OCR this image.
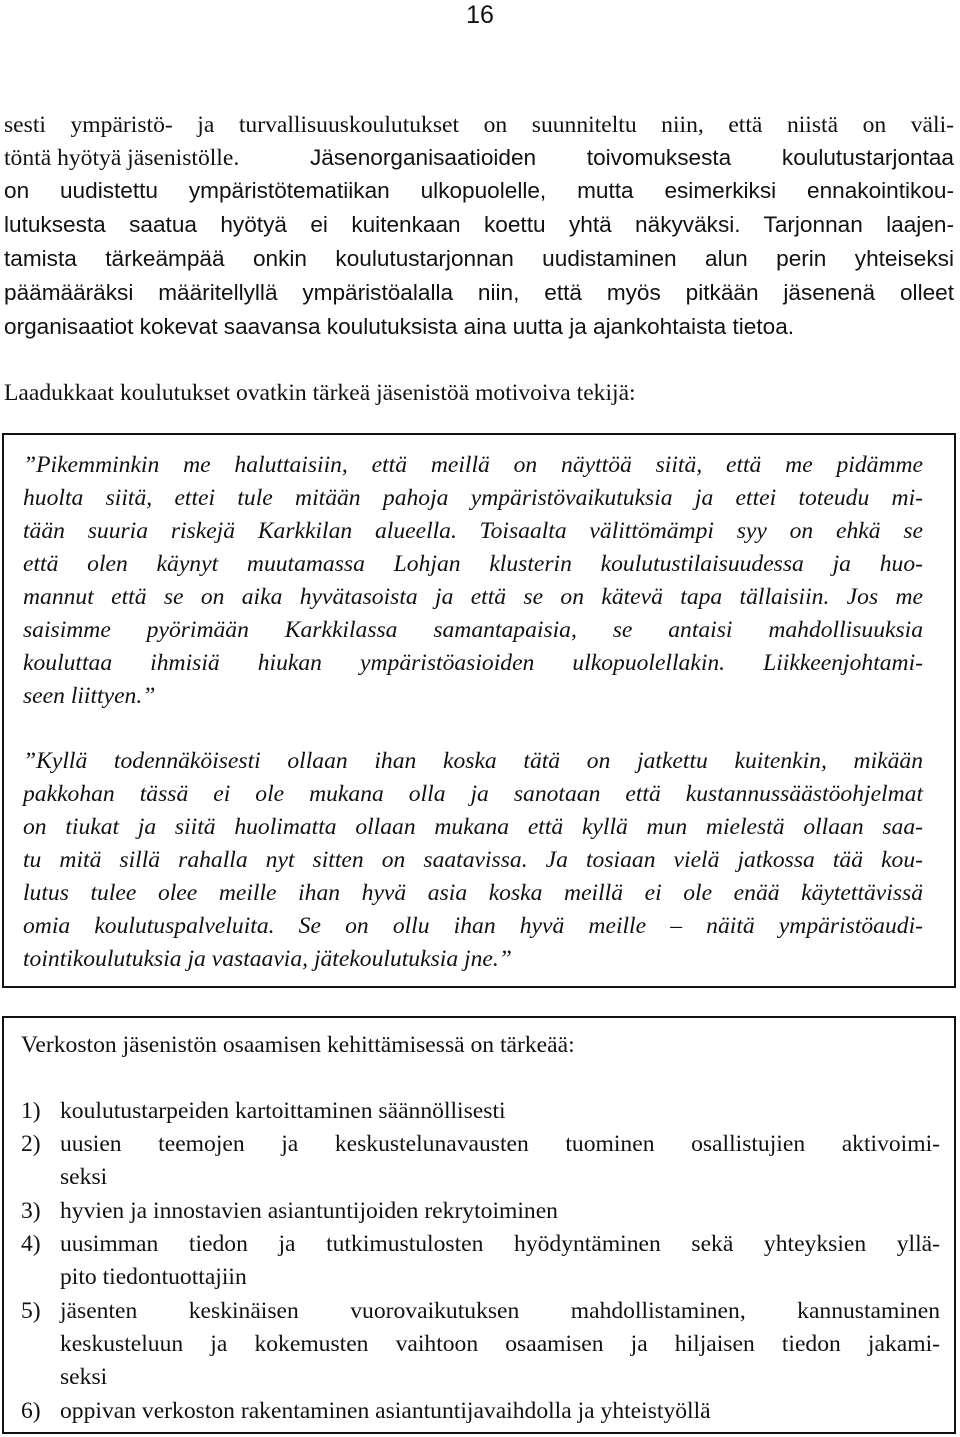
16
sesti ympäristö- ja turvallisuuskoulutukset on suunniteltu niin, että niistä on väli-
töntä hyötyä jäsenistölle.	Jäsenorganisaatioiden toivomuksesta koulutustarjontaa
on uudistettu ympäristötematiikan ulkopuolelle, mutta esimerkiksi ennakointikou-
lutuksesta saatua hyötyä ei kuitenkaan koettu yhtä näkyväksi. Tarjonnan laajen-
tamista tärkeämpää onkin koulutustarjonnan uudistaminen alun perin yhteiseksi
päämääräksi määritellyllä ympäristöalalla niin, että myös pitkään jäsenenä olleet
organisaatiot kokevat saavansa koulutuksista aina uutta ja ajankohtaista tietoa.
Laadukkaat koulutukset ovatkin tärkeä jäsenistöä motivoiva tekijä:
”Pikemminkin me haluttaisiin, että meillä on näyttöä siitä, että me pidämme
huolta siitä, ettei tule mitään pahoja ympäristövaikutuksia ja ettei toteudu mi-
tään suuria riskejä Karkkilan alueella. Toisaalta välittömämpi syy on ehkä se
että olen käynyt muutamassa Lohjan klusterin koulutustilaisuudessa ja huo-
mannut että se on aika hyvätasoista ja että se on kätevä tapa tällaisiin. Jos me
saisimme pyörimään Karkkilassa samantapaisia, se antaisi mahdollisuuksia
kouluttaa ihmisiä hiukan ympäristöasioiden ulkopuolellakin. Liikkeenjohtami-
seen liittyen.”
”Kyllä todennäköisesti ollaan ihan koska tätä on jatkettu kuitenkin, mikään
pakkohan tässä ei ole mukana olla ja sanotaan että kustannussäästöohjelmat
on tiukat ja siitä huolimatta ollaan mukana että kyllä mun mielestä ollaan saa-
tu mitä sillä rahalla nyt sitten on saatavissa. Ja tosiaan vielä jatkossa tää kou-
lutus tulee olee meille ihan hyvä asia koska meillä ei ole enää käytettävissä
omia koulutuspalveluita. Se on ollu ihan hyvä meille – näitä ympäristöaudi-
tointikoulutuksia ja vastaavia, jätekoulutuksia jne.”
Verkoston jäsenistön osaamisen kehittämisessä on tärkeää:
1) koulutustarpeiden kartoittaminen säännöllisesti
2) uusien teemojen ja keskustelunavausten tuominen osallistujien aktivoimi-
seksi
3) hyvien ja innostavien asiantuntijoiden rekrytoiminen
4) uusimman tiedon ja tutkimustulosten hyödyntäminen sekä yhteyksien yllä-
pito tiedontuottajiin
5) jäsenten keskinäisen vuorovaikutuksen mahdollistaminen, kannustaminen
keskusteluun ja kokemusten vaihtoon osaamisen ja hiljaisen tiedon jakami-
seksi
6) oppivan verkoston rakentaminen asiantuntijavaihdolla ja yhteistyöllä
